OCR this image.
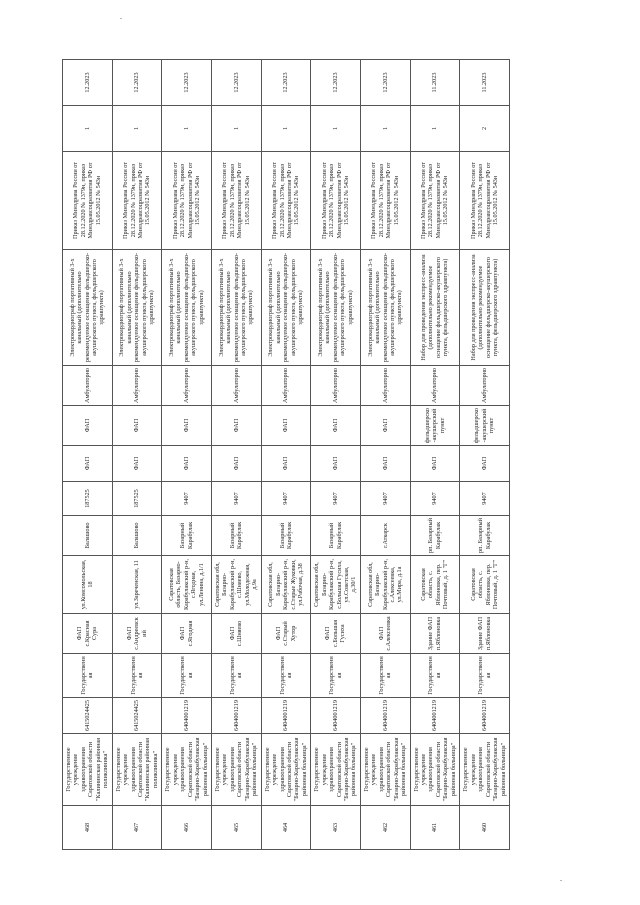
468	Государственное учреждение здравоохранения Саратовской области "Калининская районная поликлиника"	6415024425	Государственная	ФАП с.Красная Сура	ул.Комсомольская, 18	Балашово	187525	ФАП	ФАП	Амбулаторно	Электрокардиограф портативный 3-х канальный (дополнительно рекомендуемое оснащение фельдшерско-акушерского пункта, фельдшерского здравпункта)	Приказ Минздрава России от 28.12.2020 № 1379н, приказ Минздравсоцразвития РФ от 15.05.2012 № 543н	1	12.2023
467	Государственное учреждение здравоохранения Саратовской области "Калининская районная поликлиника"	6415024425	Государственная	ФАП с.Андреевский	ул.Зареченская, 11	Балашово	187525	ФАП	ФАП	Амбулаторно	Электрокардиограф портативный 3-х канальный (дополнительно рекомендуемое оснащение фельдшерско-акушерского пункта, фельдшерского здравпункта)	Приказ Минздрава России от 28.12.2020 № 1379н, приказ Минздравсоцразвития РФ от 15.05.2012 № 543н	1	12.2023
466	Государственное учреждение здравоохранения Саратовской области "Базарно-Карабулакская районная больница"	6404001219	Государственная	ФАП с.Ягодная	Саратовская область, Базарно-Карабулакский р-н, с.Ягодная, ул.Ленина, д.1/1	Базарный Карабулак	9407	ФАП	ФАП	Амбулаторно	Электрокардиограф портативный 3-х канальный (дополнительно рекомендуемое оснащение фельдшерско-акушерского пункта, фельдшерского здравпункта)	Приказ Минздрава России от 28.12.2020 № 1379н, приказ Минздравсоцразвития РФ от 15.05.2012 № 543н	1	12.2023
465	Государственное учреждение здравоохранения Саратовской области "Базарно-Карабулакская районная больница"	6404001219	Государственная	ФАП с.Шняево	Саратовская обл, Базарно-Карабулакский р-н, с.Шняево, ул.Молодежная, д.9а	Базарный Карабулак	9407	ФАП	ФАП	Амбулаторно	Электрокардиограф портативный 3-х канальный (дополнительно рекомендуемое оснащение фельдшерско-акушерского пункта, фельдшерского здравпункта)	Приказ Минздрава России от 28.12.2020 № 1379н, приказ Минздравсоцразвития РФ от 15.05.2012 № 543н	1	12.2023
464	Государственное учреждение здравоохранения Саратовской области "Базарно-Карабулакская районная больница"	6404001219	Государственная	ФАП с.Старый Хутор	Саратовская обл, Базарно-Карабулакский р-н, с.Старые Жуковки, ул.Рабочая, д.38	Базарный Карабулак	9407	ФАП	ФАП	Амбулаторно	Электрокардиограф портативный 3-х канальный (дополнительно рекомендуемое оснащение фельдшерско-акушерского пункта, фельдшерского здравпункта)	Приказ Минздрава России от 28.12.2020 № 1379н, приказ Минздравсоцразвития РФ от 15.05.2012 № 543н	1	12.2023
463	Государственное учреждение здравоохранения Саратовской области "Базарно-Карабулакская районная больница"	6404001219	Государственная	ФАП с.Большая Гусиха	Саратовская обл, Базарно-Карабулакский р-н, с.Большая Гусиха, ул.Советская, д.30/1	Базарный Карабулак	9407	ФАП	ФАП	Амбулаторно	Электрокардиограф портативный 3-х канальный (дополнительно рекомендуемое оснащение фельдшерско-акушерского пункта, фельдшерского здравпункта)	Приказ Минздрава России от 28.12.2020 № 1379н, приказ Минздравсоцразвития РФ от 15.05.2012 № 543н	1	12.2023
462	Государственное учреждение здравоохранения Саратовской области "Базарно-Карабулакская районная больница"	6404001219	Государственная	ФАП с.Алексеевка	Саратовская обл, Базарно-Карабулакский р-н, с.Алексеевка, ул.Мира, д.1а	г.Аткарск	9407	ФАП	ФАП	Амбулаторно	Электрокардиограф портативный 3-х канальный (дополнительно рекомендуемое оснащение фельдшерско-акушерского пункта, фельдшерского здравпункта)	Приказ Минздрава России от 28.12.2020 № 1379н, приказ Минздравсоцразвития РФ от 15.05.2012 № 543н	1	12.2023
461	Государственное учреждение здравоохранения Саратовской области "Базарно-Карабулакская районная больница"	6404001219	Государственная	Здание ФАП п.Яблоновка	Саратовская область, с. Яблоновка, пер. Почтовый, д. 1 "Г"	рп. Базарный Карабулак	9407	ФАП	фельдшерско-акушерский пункт	Амбулаторно	Набор для проведения экспресс-анализа (дополнительно рекомендуемое оснащение фельдшерско-акушерского пункта, фельдшерского здравпункта)	Приказ Минздрава России от 28.12.2020 № 1379н, приказ Минздравсоцразвития РФ от 15.05.2012 № 543н	1	11.2023
460	Государственное учреждение здравоохранения Саратовской области "Базарно-Карабулакская районная больница"	6404001219	Государственная	Здание ФАП п.Яблоновка	Саратовская область, с. Яблоновка, пер. Почтовый, д. 1 "Г"	рп. Базарный Карабулак	9407	ФАП	фельдшерско-акушерский пункт	Амбулаторно	Набор для проведения экспресс-анализа (дополнительно рекомендуемое оснащение фельдшерско-акушерского пункта, фельдшерского здравпункта)	Приказ Минздрава России от 28.12.2020 № 1379н, приказ Минздравсоцразвития РФ от 15.05.2012 № 543н	2	11.2023
